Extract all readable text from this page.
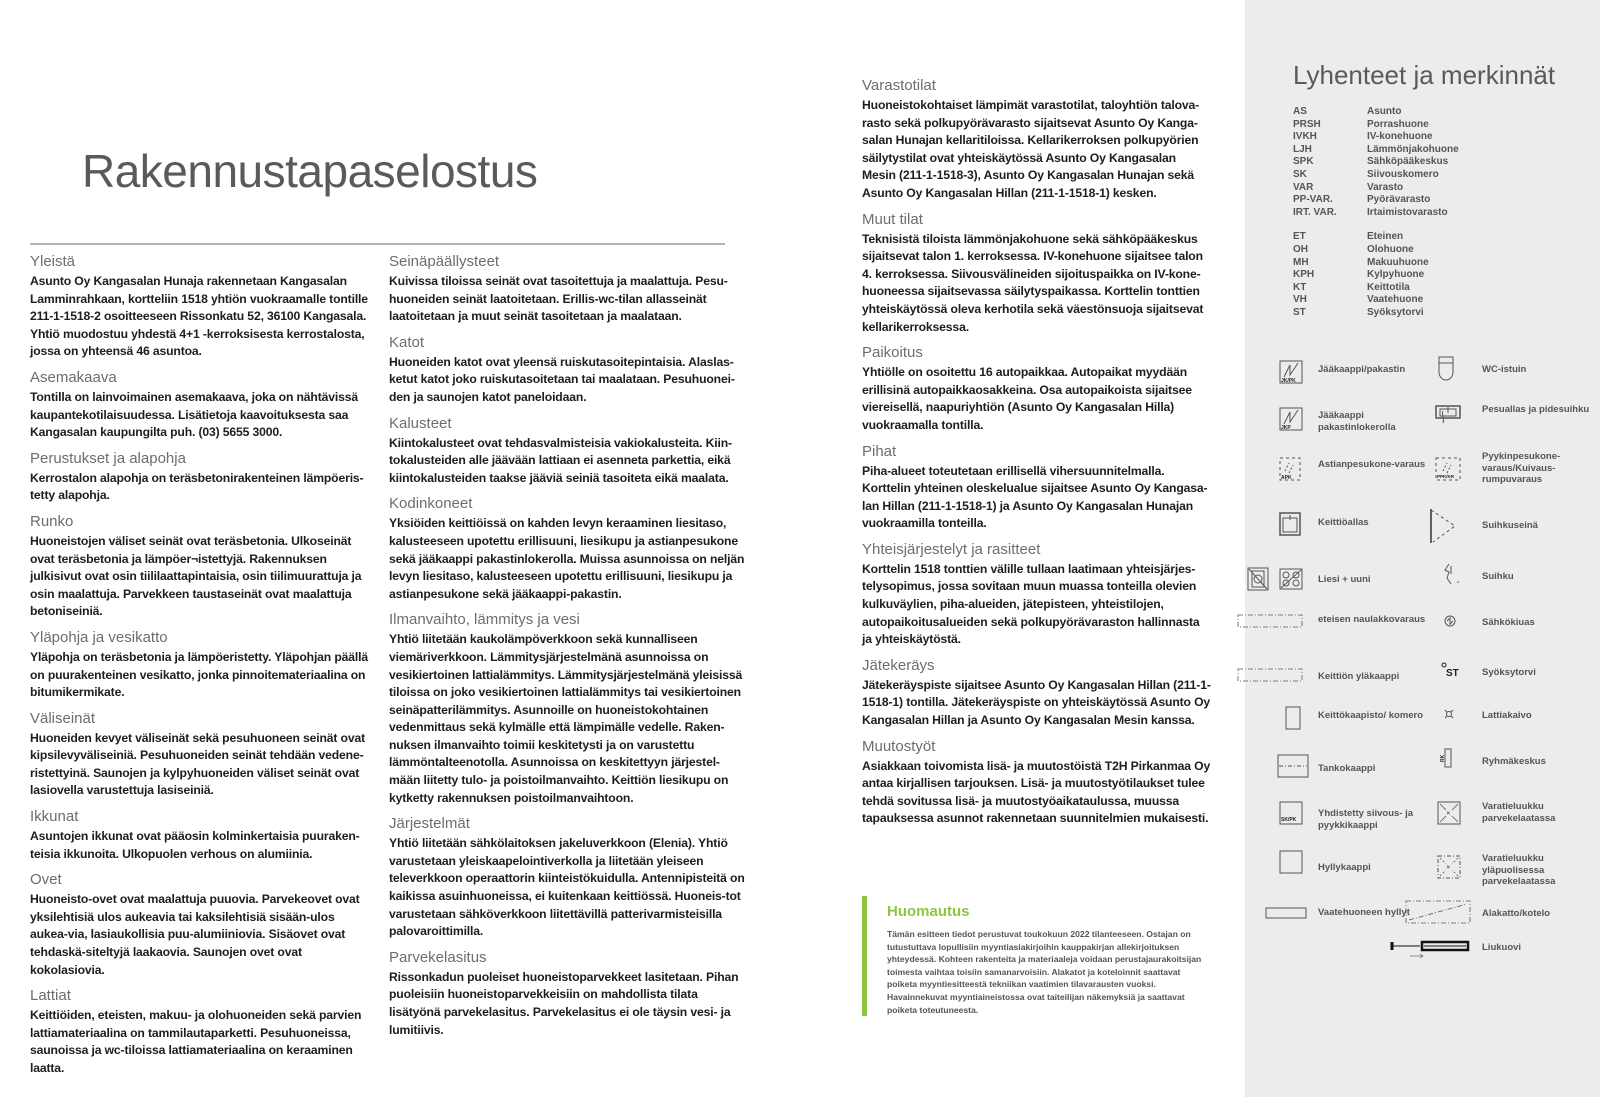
Rakennustapaselostus
Yleistä

Asunto Oy Kangasalan Hunaja rakennetaan Kangasalan Lamminrahkaan, kortteliin 1518 yhtiön vuokraamalle tontille 211-1-1518-2 osoitteeseen Rissonkatu 52, 36100 Kangasala. Yhtiö muodostuu yhdestä 4+1 -kerroksisesta kerrostalosta, jossa on yhteensä 46 asuntoa.

Asemakaava

Tontilla on lainvoimainen asemakaava, joka on nähtävissä kaupantekotilaisuudessa. Lisätietoja kaavoituksesta saa Kangasalan kaupungilta puh. (03) 5655 3000.

Perustukset ja alapohja

Kerrostalon alapohja on teräsbetonirakenteinen lämpöeris-tetty alapohja.

Runko

Huoneistojen väliset seinät ovat teräsbetonia. Ulkoseinät ovat teräsbetonia ja lämpöer¬istettyjä. Rakennuksen julkisivut ovat osin tiililaattapintaisia, osin tiilimuurattuja ja osin maalattuja. Parvekkeen taustaseinät ovat maalattuja betoniseiniä.

Yläpohja ja vesikatto

Yläpohja on teräsbetonia ja lämpöeristetty. Yläpohjan päällä on puurakenteinen vesikatto, jonka pinnoitemateriaalina on bitumikermikate.

Väliseinät

Huoneiden kevyet väliseinät sekä pesuhuoneen seinät ovat kipsilevyväliseiniä. Pesuhuoneiden seinät tehdään vedene-ristettyinä. Saunojen ja kylpyhuoneiden väliset seinät ovat lasiovella varustettuja lasiseiniä.

Ikkunat

Asuntojen ikkunat ovat pääosin kolminkertaisia puuraken-teisia ikkunoita. Ulkopuolen verhous on alumiinia.

Ovet

Huoneisto-ovet ovat maalattuja puuovia. Parvekeovet ovat yksilehtisiä ulos aukeavia tai kaksilehtisiä sisään-ulos aukea-via, lasiaukollisia puu-alumiiniovia. Sisäovet ovat tehdaskä-siteltyjä laakaovia. Saunojen ovet ovat kokolasiovia.

Lattiat

Keittiöiden, eteisten, makuu- ja olohuoneiden sekä parvien lattiamateriaalina on tammilautaparketti. Pesuhuoneissa, saunoissa ja wc-tiloissa lattiamateriaalina on keraaminen laatta.

Seinäpäällysteet

Kuivissa tiloissa seinät ovat tasoitettuja ja maalattuja. Pesu-huoneiden seinät laatoitetaan. Erillis-wc-tilan allasseinät laatoitetaan ja muut seinät tasoitetaan ja maalataan.

Katot

Huoneiden katot ovat yleensä ruiskutasoitepintaisia. Alaslas-ketut katot joko ruiskutasoitetaan tai maalataan. Pesuhuonei-den ja saunojen katot paneloidaan.

Kalusteet

Kiintokalusteet ovat tehdasvalmisteisia vakiokalusteita. Kiin-tokalusteiden alle jäävään lattiaan ei asenneta parkettia, eikä kiintokalusteiden taakse jääviä seiniä tasoiteta eikä maalata.

Kodinkoneet

Yksiöiden keittiöissä on kahden levyn keraaminen liesitaso, kalusteeseen upotettu erillisuuni, liesikupu ja astianpesukone sekä jääkaappi pakastinlokerolla. Muissa asunnoissa on neljän levyn liesitaso, kalusteeseen upotettu erillisuuni, liesikupu ja astianpesukone sekä jääkaappi-pakastin.

Ilmanvaihto, lämmitys ja vesi

Yhtiö liitetään kaukolämpöverkkoon sekä kunnalliseen viemäriverkkoon. Lämmitysjärjestelmänä asunnoissa on vesikiertoinen lattialämmitys. Lämmitysjärjestelmänä yleisissä tiloissa on joko vesikiertoinen lattialämmitys tai vesikiertoinen seinäpatterilämmitys. Asunnoille on huoneistokohtainen vedenmittaus sekä kylmälle että lämpimälle vedelle. Raken-nuksen ilmanvaihto toimii keskitetysti ja on varustettu lämmöntalteenotolla. Asunnoissa on keskitettyyn järjestel-mään liitetty tulo- ja poistoilmanvaihto. Keittiön liesikupu on kytketty rakennuksen poistoilmanvaihtoon.

Järjestelmät

Yhtiö liitetään sähkölaitoksen jakeluverkkoon (Elenia). Yhtiö varustetaan yleiskaapelointiverkolla ja liitetään yleiseen televerkkoon operaattorin kiinteistökuidulla. Antennipisteitä on kaikissa asuinhuoneissa, ei kuitenkaan keittiössä. Huoneis-tot varustetaan sähköverkkoon liitettävillä patterivarmisteisilla palovaroittimilla.

Parvekelasitus

Rissonkadun puoleiset huoneistoparvekkeet lasitetaan. Pihan puoleisiin huoneistoparvekkeisiin on mahdollista tilata lisätyönä parvekelasitus. Parvekelasitus ei ole täysin vesi- ja lumitiivis.

Varastotilat

Huoneistokohtaiset lämpimät varastotilat, taloyhtiön talova-rasto sekä polkupyörävarasto sijaitsevat Asunto Oy Kanga-salan Hunajan kellaritiloissa. Kellarikerroksen polkupyörien säilytystilat ovat yhteiskäytössä Asunto Oy Kangasalan Mesin (211-1-1518-3), Asunto Oy Kangasalan Hunajan sekä Asunto Oy Kangasalan Hillan (211-1-1518-1) kesken.

Muut tilat

Teknisistä tiloista lämmönjakohuone sekä sähköpääkeskus sijaitsevat talon 1. kerroksessa. IV-konehuone sijaitsee talon 4. kerroksessa. Siivousvälineiden sijoituspaikka on IV-kone-huoneessa sijaitsevassa säilytyspaikassa. Korttelin tonttien yhteiskäytössä oleva kerhotila sekä väestönsuoja sijaitsevat kellarikerroksessa.

Paikoitus

Yhtiölle on osoitettu 16 autopaikkaa. Autopaikat myydään erillisinä autopaikkaosakkeina. Osa autopaikoista sijaitsee viereisellä, naapuriyhtiön (Asunto Oy Kangasalan Hilla) vuokraamalla tontilla.

Pihat

Piha-alueet toteutetaan erillisellä vihersuunnitelmalla. Korttelin yhteinen oleskelualue sijaitsee Asunto Oy Kangasa-lan Hillan (211-1-1518-1) ja Asunto Oy Kangasalan Hunajan vuokraamilla tonteilla.

Yhteisjärjestelyt ja rasitteet

Korttelin 1518 tonttien välille tullaan laatimaan yhteisjärjes-telysopimus, jossa sovitaan muun muassa tonteilla olevien kulkuväylien, piha-alueiden, jätepisteen, yhteistilojen, autopaikoitusalueiden sekä polkupyörävaraston hallinnasta ja yhteiskäytöstä.

Jätekeräys

Jätekeräyspiste sijaitsee Asunto Oy Kangasalan Hillan (211-1-1518-1) tontilla. Jätekeräyspiste on yhteiskäytössä Asunto Oy Kangasalan Hillan ja Asunto Oy Kangasalan Mesin kanssa.

Muutostyöt

Asiakkaan toivomista lisä- ja muutostöistä T2H Pirkanmaa Oy antaa kirjallisen tarjouksen. Lisä- ja muutostyötilaukset tulee tehdä sovitussa lisä- ja muutostyöaikataulussa, muussa tapauksessa asunnot rakennetaan suunnitelmien mukaisesti.

Huomautus

Tämän esitteen tiedot perustuvat toukokuun 2022 tilanteeseen. Ostajan on tutustuttava lopullisiin myyntiasiakirjoihin kauppakirjan allekirjoituksen yhteydessä. Kohteen rakenteita ja materiaaleja voidaan perustajaurakoitsijan toimesta vaihtaa toisiin samanarvoisiin. Alakatot ja koteloinnit saattavat poiketa myyntiesitteestä tekniikan vaatimien tilavarausten vuoksi. Havainnekuvat myyntiaineistossa ovat taiteilijan näkemyksiä ja saattavat poiketa toteutuneesta.

Lyhenteet ja merkinnät
AS	Asunto
PRSH	Porrashuone
IVKH	IV-konehuone
LJH	Lämmönjakohuone
SPK	Sähköpääkeskus
SK	Siivouskomero
VAR	Varasto
PP-VAR.	Pyörävarasto
IRT. VAR.	Irtaimistovarasto
ET	Eteinen
OH	Olohuone
MH	Makuuhuone
KPH	Kylpyhuone
KT	Keittotila
VH	Vaatehuone
ST	Syöksytorvi
JK/PK
Jääkaappi/pakastin
JKP
Jääkaappi pakastinlokerolla
APK
Astianpesukone-varaus
Keittiöallas
Liesi + uuni
eteisen naulakkovaraus
Keittiön yläkaappi
Keittökaapisto/ komero
Tankokaappi
SK/PK
Yhdistetty siivous- ja pyykkikaappi
Hyllykaappi
Vaatehuoneen hyllyt
WC-istuin
Pesuallas ja pidesuihku
PPK/KR
Pyykinpesukone-varaus/Kuivaus-rumpuvaraus
Suihkuseinä
Suihku
Sähkökiuas
ST Syöksytorvi
Lattiakaivo
RK	Ryhmäkeskus
×
Varatieluukku parvekelaatassa
×
Varatieluukku yläpuolisessa parvekelaatassa
Alakatto/kotelo
Liukuovi
